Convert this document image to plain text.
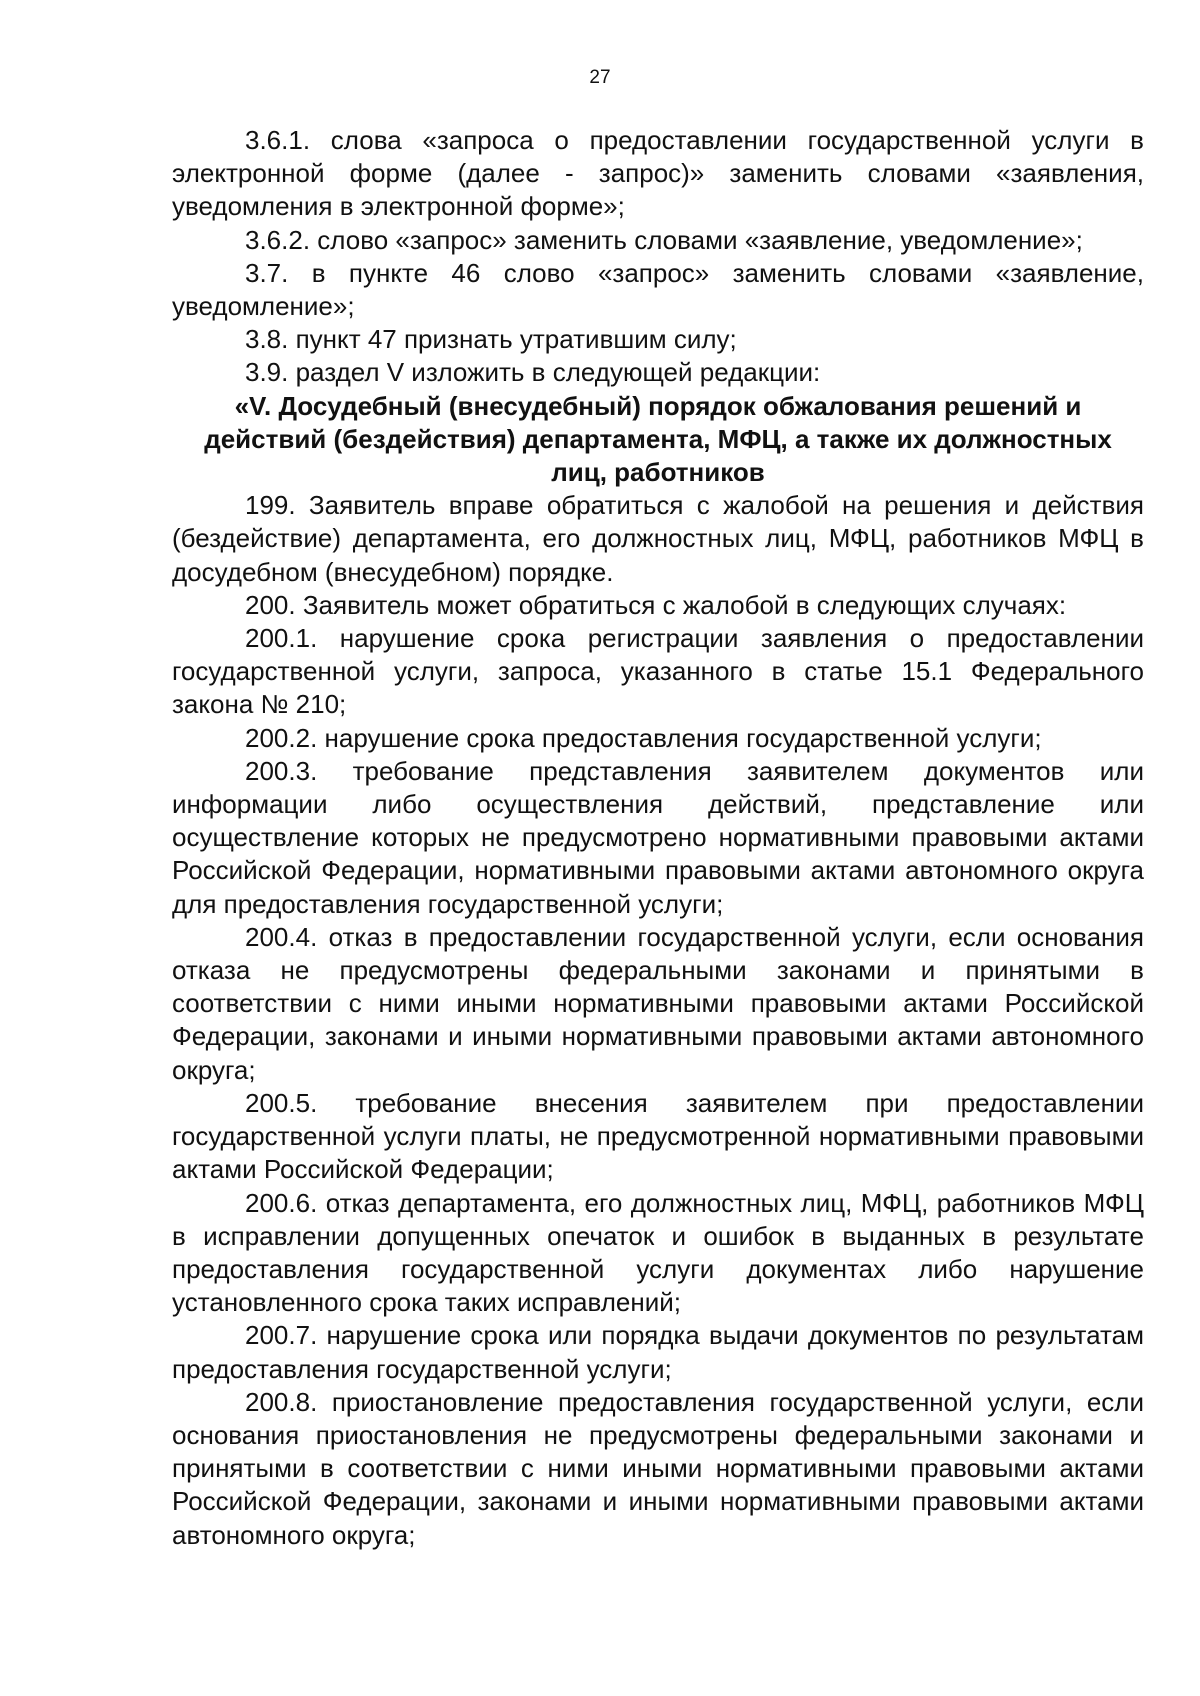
27

3.6.1. слова «запроса о предоставлении государственной услуги в электронной форме (далее - запрос)» заменить словами «заявления, уведомления в электронной форме»;

3.6.2. слово «запрос» заменить словами «заявление, уведомление»;

3.7. в пункте 46 слово «запрос» заменить словами «заявление, уведомление»;

3.8. пункт 47 признать утратившим силу;

3.9. раздел V изложить в следующей редакции:

«V. Досудебный (внесудебный) порядок обжалования решений и действий (бездействия) департамента, МФЦ, а также их должностных лиц, работников

199. Заявитель вправе обратиться с жалобой на решения и действия (бездействие) департамента, его должностных лиц, МФЦ, работников МФЦ в досудебном (внесудебном) порядке.

200. Заявитель может обратиться с жалобой в следующих случаях:

200.1. нарушение срока регистрации заявления о предоставлении государственной услуги, запроса, указанного в статье 15.1 Федерального закона № 210;

200.2. нарушение срока предоставления государственной услуги;

200.3. требование представления заявителем документов или информации либо осуществления действий, представление или осуществление которых не предусмотрено нормативными правовыми актами Российской Федерации, нормативными правовыми актами автономного округа для предоставления государственной услуги;

200.4. отказ в предоставлении государственной услуги, если основания отказа не предусмотрены федеральными законами и принятыми в соответствии с ними иными нормативными правовыми актами Российской Федерации, законами и иными нормативными правовыми актами автономного округа;

200.5. требование внесения заявителем при предоставлении государственной услуги платы, не предусмотренной нормативными правовыми актами Российской Федерации;

200.6. отказ департамента, его должностных лиц, МФЦ, работников МФЦ в исправлении допущенных опечаток и ошибок в выданных в результате предоставления государственной услуги документах либо нарушение установленного срока таких исправлений;

200.7. нарушение срока или порядка выдачи документов по результатам предоставления государственной услуги;

200.8. приостановление предоставления государственной услуги, если основания приостановления не предусмотрены федеральными законами и принятыми в соответствии с ними иными нормативными правовыми актами Российской Федерации, законами и иными нормативными правовыми актами автономного округа;
